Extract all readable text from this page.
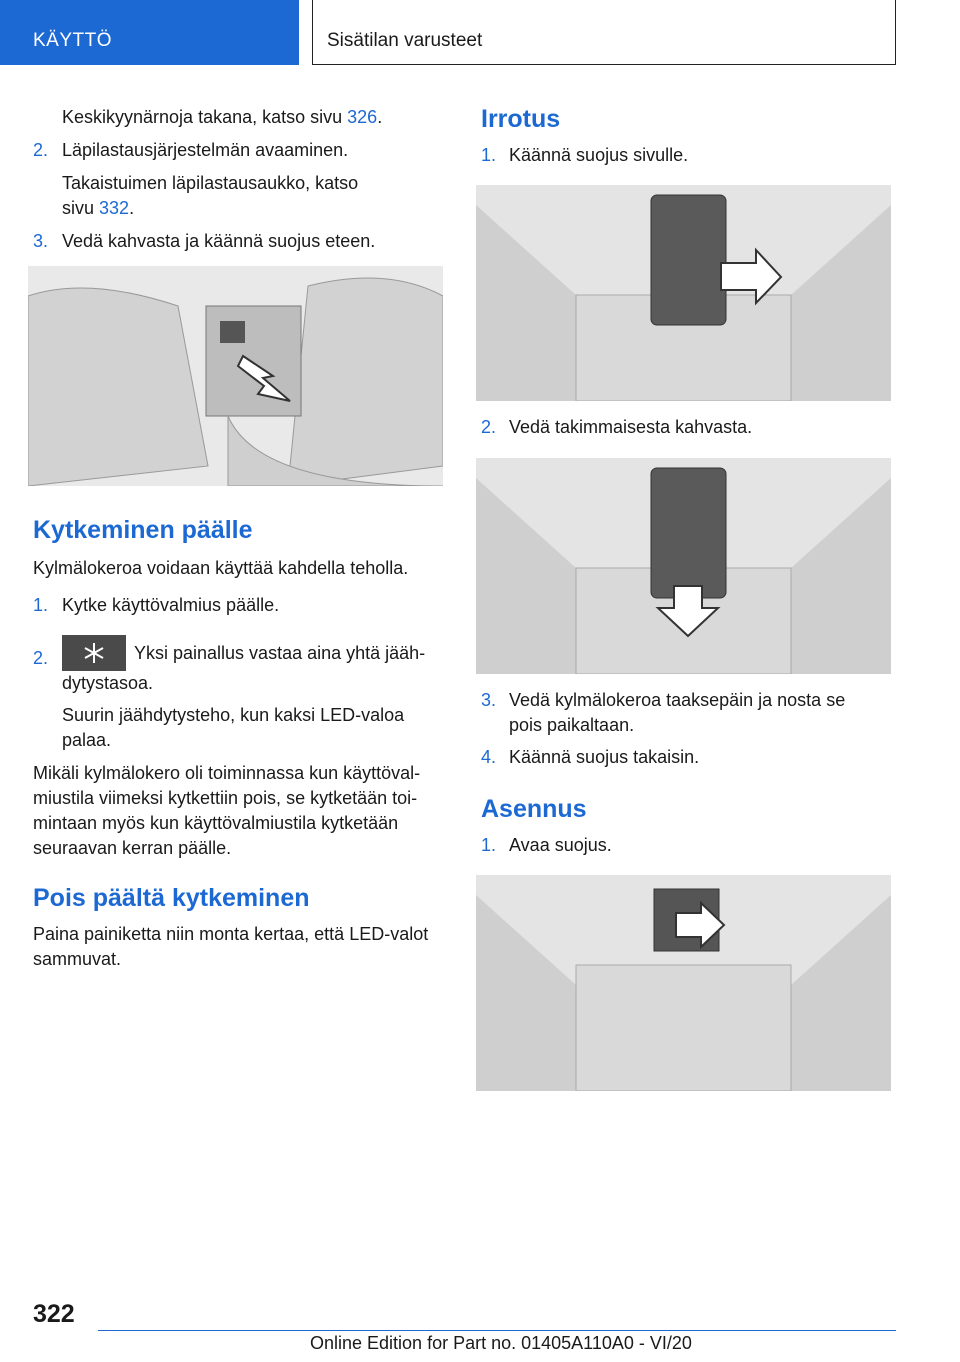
KÄYTTÖ	Sisätilan varusteet

Keskikyynärnoja takana, katso sivu 326.

2. Läpilastausjärjestelmän avaaminen.

Takaistuimen läpilastausaukko, katso

sivu 332.

3. Vedä kahvasta ja käännä suojus eteen.

Kytkeminen päälle

Kylmälokeroa voidaan käyttää kahdella teholla.

1. Kytke käyttövalmius päälle.

2.	Yksi painallus vastaa aina yhtä jääh-

dytystasoa.

Suurin jäähdytysteho, kun kaksi LED-valoa

palaa.

Mikäli kylmälokero oli toiminnassa kun käyttöval-

miustila viimeksi kytkettiin pois, se kytketään toi-

mintaan myös kun käyttövalmiustila kytketään

seuraavan kerran päälle.

Pois päältä kytkeminen

Paina painiketta niin monta kertaa, että LED-valot

sammuvat.

Irrotus
1. Käännä suojus sivulle.

2. Vedä takimmaisesta kahvasta.

3. Vedä kylmälokeroa taaksepäin ja nosta se

pois paikaltaan.

4. Käännä suojus takaisin.

Asennus
1. Avaa suojus.

322
Online Edition for Part no. 01405A110A0 - VI/20
